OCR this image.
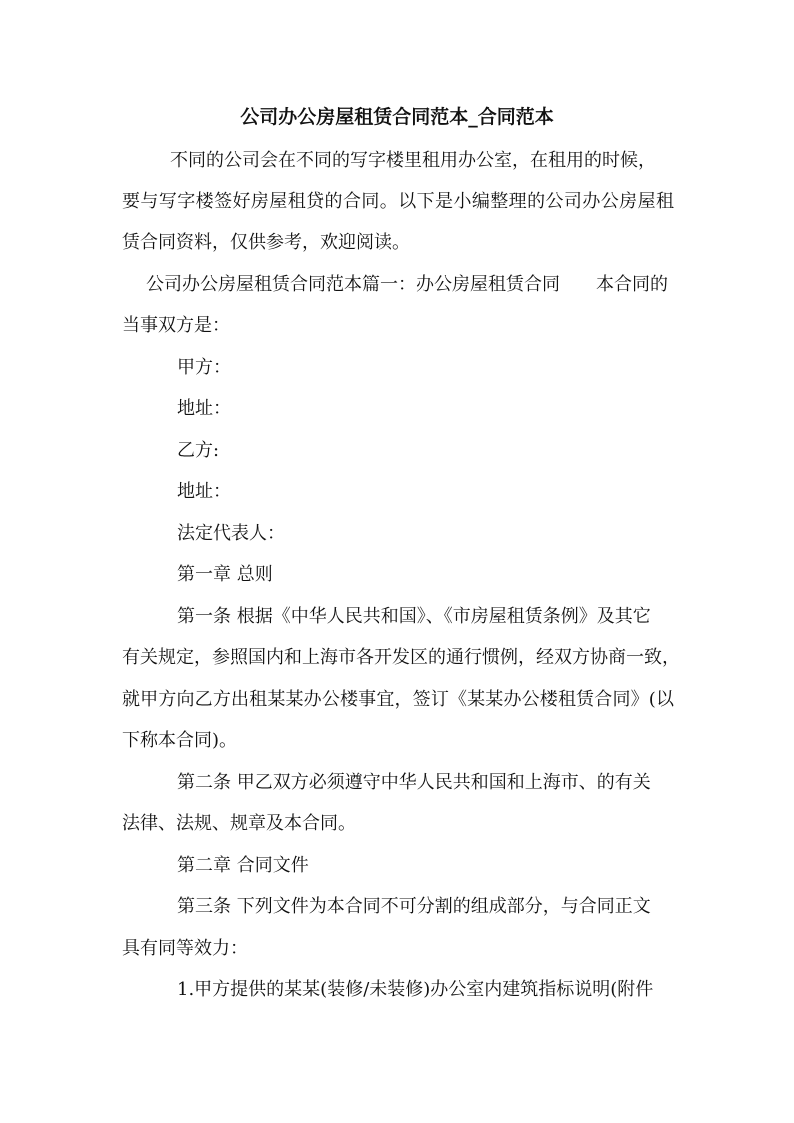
公司办公房屋租赁合同范本_合同范本
不同的公司会在不同的写字楼里租用办公室，在租用的时候，
要与写字楼签好房屋租贷的合同。以下是小编整理的公司办公房屋租
赁合同资料，仅供参考，欢迎阅读。
公司办公房屋租赁合同范本篇一：办公房屋租赁合同　　本合同的
当事双方是：
甲方：
地址：
乙方:
地址：
法定代表人：
第一章 总则
第一条 根据《中华人民共和国》、《市房屋租赁条例》及其它
有关规定，参照国内和上海市各开发区的通行惯例，经双方协商一致，
就甲方向乙方出租某某办公楼事宜，签订《某某办公楼租赁合同》(以
下称本合同)。
第二条 甲乙双方必须遵守中华人民共和国和上海市、的有关
法律、法规、规章及本合同。
第二章 合同文件
第三条 下列文件为本合同不可分割的组成部分，与合同正文
具有同等效力：
1.甲方提供的某某(装修/未装修)办公室内建筑指标说明(附件
